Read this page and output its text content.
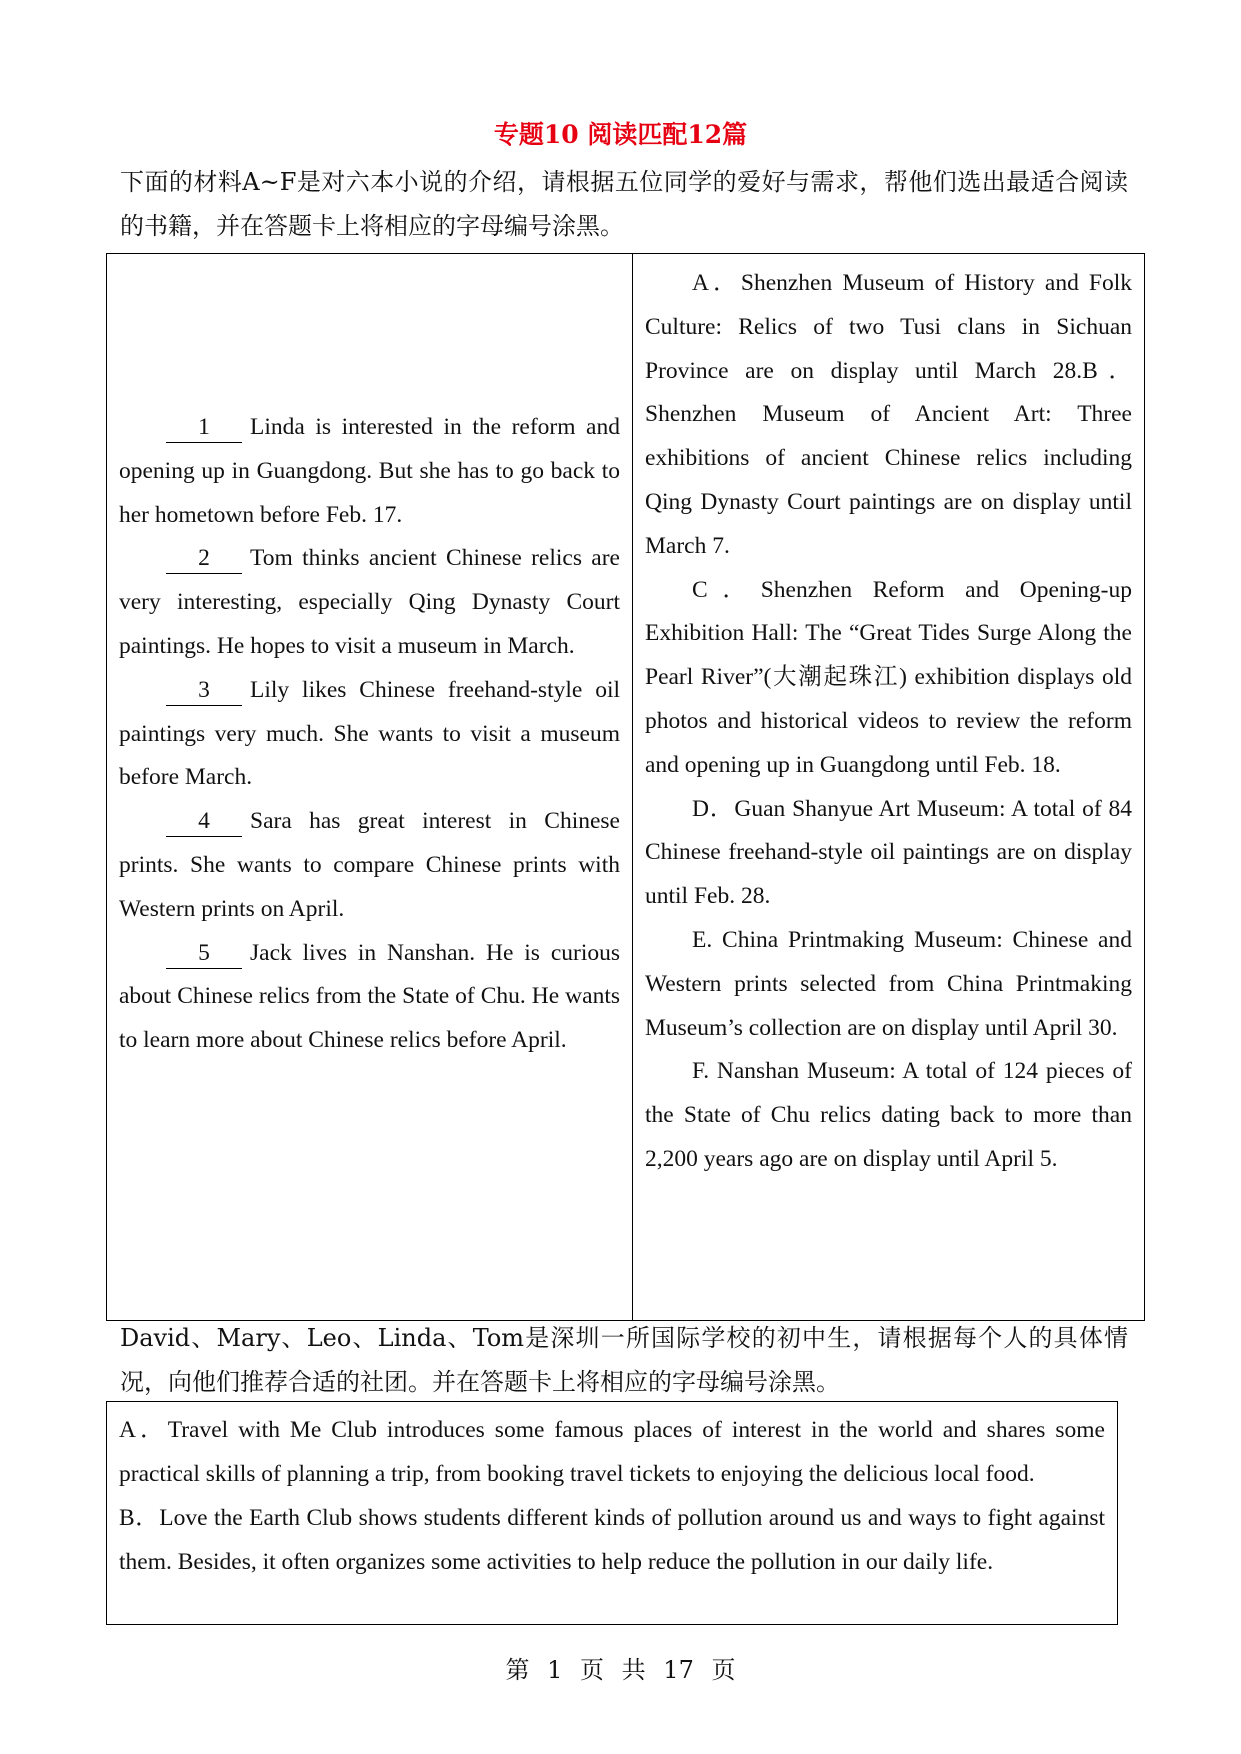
专题10 阅读匹配12篇
下面的材料A~F是对六本小说的介绍，请根据五位同学的爱好与需求，帮他们选出最适合阅读的书籍，并在答题卡上将相应的字母编号涂黑。

1 Linda is interested in the reform and opening up in Guangdong. But she has to go back to her hometown before Feb. 17.

2 Tom thinks ancient Chinese relics are very interesting, especially Qing Dynasty Court paintings. He hopes to visit a museum in March.

3 Lily likes Chinese freehand-style oil paintings very much. She wants to visit a museum before March.

4 Sara has great interest in Chinese prints. She wants to compare Chinese prints with Western prints on April.

5 Jack lives in Nanshan. He is curious about Chinese relics from the State of Chu. He wants to learn more about Chinese relics before April.

A．Shenzhen Museum of History and Folk Culture: Relics of two Tusi clans in Sichuan Province are on display until March 28.B．Shenzhen Museum of Ancient Art: Three exhibitions of ancient Chinese relics including Qing Dynasty Court paintings are on display until March 7.

C．Shenzhen Reform and Opening-up Exhibition Hall: The “Great Tides Surge Along the Pearl River”(大潮起珠江) exhibition displays old photos and historical videos to review the reform and opening up in Guangdong until Feb. 18.

D．Guan Shanyue Art Museum: A total of 84 Chinese freehand-style oil paintings are on display until Feb. 28.

E. China Printmaking Museum: Chinese and Western prints selected from China Printmaking Museum’s collection are on display until April 30.

F. Nanshan Museum: A total of 124 pieces of the State of Chu relics dating back to more than 2,200 years ago are on display until April 5.

David、Mary、Leo、Linda、Tom是深圳一所国际学校的初中生，请根据每个人的具体情况，向他们推荐合适的社团。并在答题卡上将相应的字母编号涂黑。

A．Travel with Me Club introduces some famous places of interest in the world and shares some practical skills of planning a trip, from booking travel tickets to enjoying the delicious local food.

B．Love the Earth Club shows students different kinds of pollution around us and ways to fight against them. Besides, it often organizes some activities to help reduce the pollution in our daily life.

第 1 页 共 17 页
